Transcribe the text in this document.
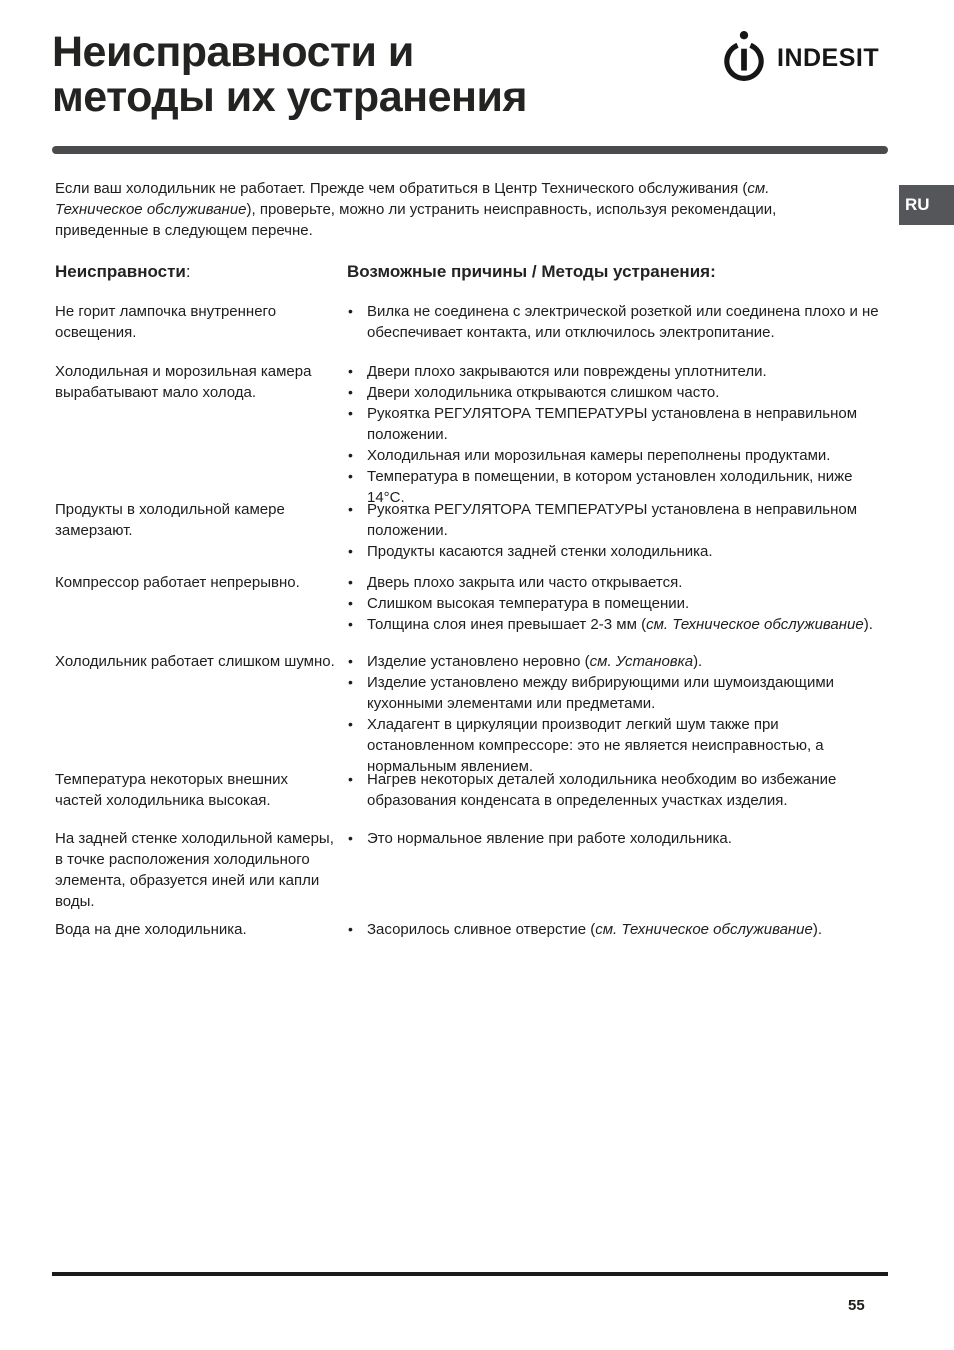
Неисправности и
методы их устранения
INDESIT

Если ваш холодильник не работает. Прежде чем обратиться в Центр Технического обслуживания (см. Техническое обслуживание), проверьте, можно ли устранить неисправность, используя рекомендации, приведенные в следующем перечне.

RU
Неисправности:	Возможные причины / Методы устранения:
Не горит лампочка внутреннего освещения.
• Вилка не соединена с электрической розеткой или соединена плохо и не обеспечивает контакта, или отключилось электропитание.
Холодильная и морозильная камера вырабатывают мало холода.
• Двери плохо закрываются или повреждены уплотнители.
• Двери холодильника открываются слишком часто.
• Рукоятка РЕГУЛЯТОРА ТЕМПЕРАТУРЫ установлена в неправильном положении.
• Холодильная или морозильная камеры переполнены продуктами.
• Температура в помещении, в котором установлен холодильник, ниже 14°С.
Продукты в холодильной камере замерзают.
• Рукоятка РЕГУЛЯТОРА ТЕМПЕРАТУРЫ установлена в неправильном положении.
• Продукты касаются задней стенки холодильника.
Компрессор работает непрерывно.	• Дверь плохо закрыта или часто открывается.
• Слишком высокая температура в помещении.
• Толщина слоя инея превышает 2-3 мм (см. Техническое обслуживание).
Холодильник работает слишком шумно. • Изделие установлено неровно (см. Установка).
• Изделие установлено между вибрирующими или шумоиздающими кухонными элементами или предметами.
• Хладагент в циркуляции производит легкий шум также при остановленном компрессоре: это не является неисправностью, а нормальным явлением.
Температура некоторых внешних частей холодильника высокая.
• Нагрев некоторых деталей холодильника необходим во избежание образования конденсата в определенных участках изделия.
На задней стенке холодильной камеры, в точке расположения холодильного элемента, образуется иней или капли воды.
• Это нормальное явление при работе холодильника.
Вода на дне холодильника.	• Засорилось сливное отверстие (см. Техническое обслуживание).
55
